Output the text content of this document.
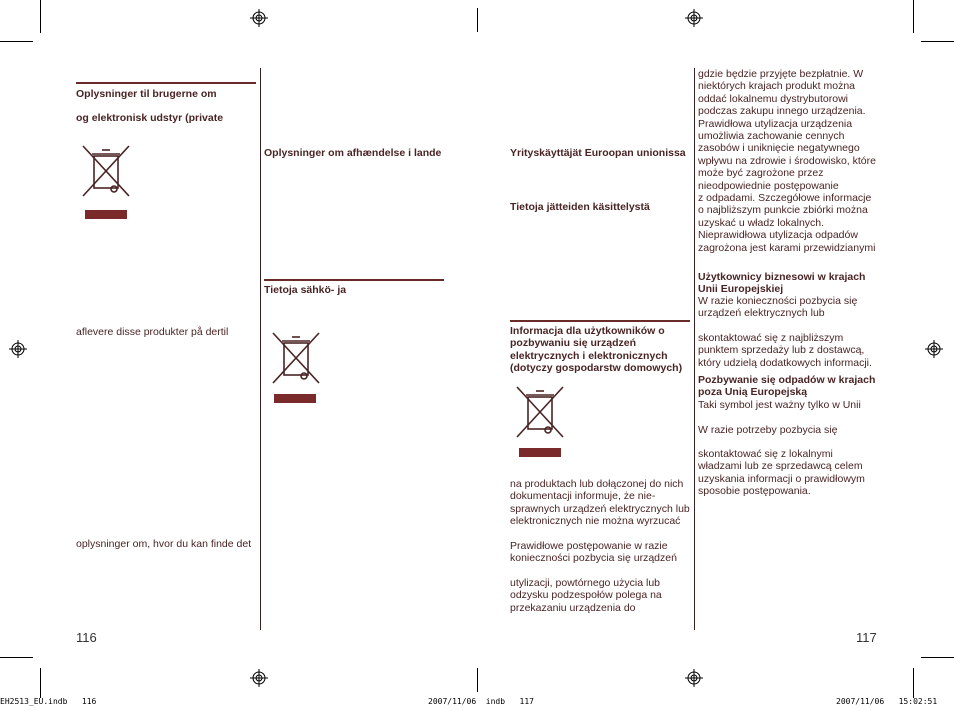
Oplysninger til brugerne om
og elektronisk udstyr (private
aflevere disse produkter på dertil
oplysninger om, hvor du kan finde det
116
Oplysninger om afhændelse i lande
Tietoja sähkö- ja
Yrityskäyttäjät Euroopan unionissa
Tietoja jätteiden käsittelystä

Informacja dla użytkowników o

pozbywaniu się urządzeń

elektrycznych i elektronicznych

(dotyczy gospodarstw domowych)

na produktach lub dołączonej do nich

dokumentacji informuje, że nie-

sprawnych urządzeń elektrycznych lub

elektronicznych nie można wyrzucać

Prawidłowe postępowanie w razie

konieczności pozbycia się urządzeń

utylizacji, powtórnego użycia lub

odzysku podzespołów polega na

przekazaniu urządzenia do

gdzie będzie przyjęte bezpłatnie. W

niektórych krajach produkt można

oddać lokalnemu dystrybutorowi

podczas zakupu innego urządzenia.

Prawidłowa utylizacja urządzenia

umożliwia zachowanie cennych

zasobów i uniknięcie negatywnego

wpływu na zdrowie i środowisko, które

może być zagrożone przez

nieodpowiednie postępowanie

z odpadami. Szczegółowe informacje

o najbliższym punkcie zbiórki można

uzyskać u władz lokalnych.

Nieprawidłowa utylizacja odpadów

zagrożona jest karami przewidzianymi

Użytkownicy biznesowi w krajach

Unii Europejskiej

W razie konieczności pozbycia się

urządzeń elektrycznych lub

skontaktować się z najbliższym

punktem sprzedaży lub z dostawcą,

który udzielą dodatkowych informacji.

Pozbywanie się odpadów w krajach

poza Unią Europejską

Taki symbol jest ważny tylko w Unii

W razie potrzeby pozbycia się

skontaktować się z lokalnymi

władzami lub ze sprzedawcą celem

uzyskania informacji o prawidłowym

sposobie postępowania.

117
EH2513_EU.indb   116	2007/11/06  indb   117	2007/11/06   15:02:51
